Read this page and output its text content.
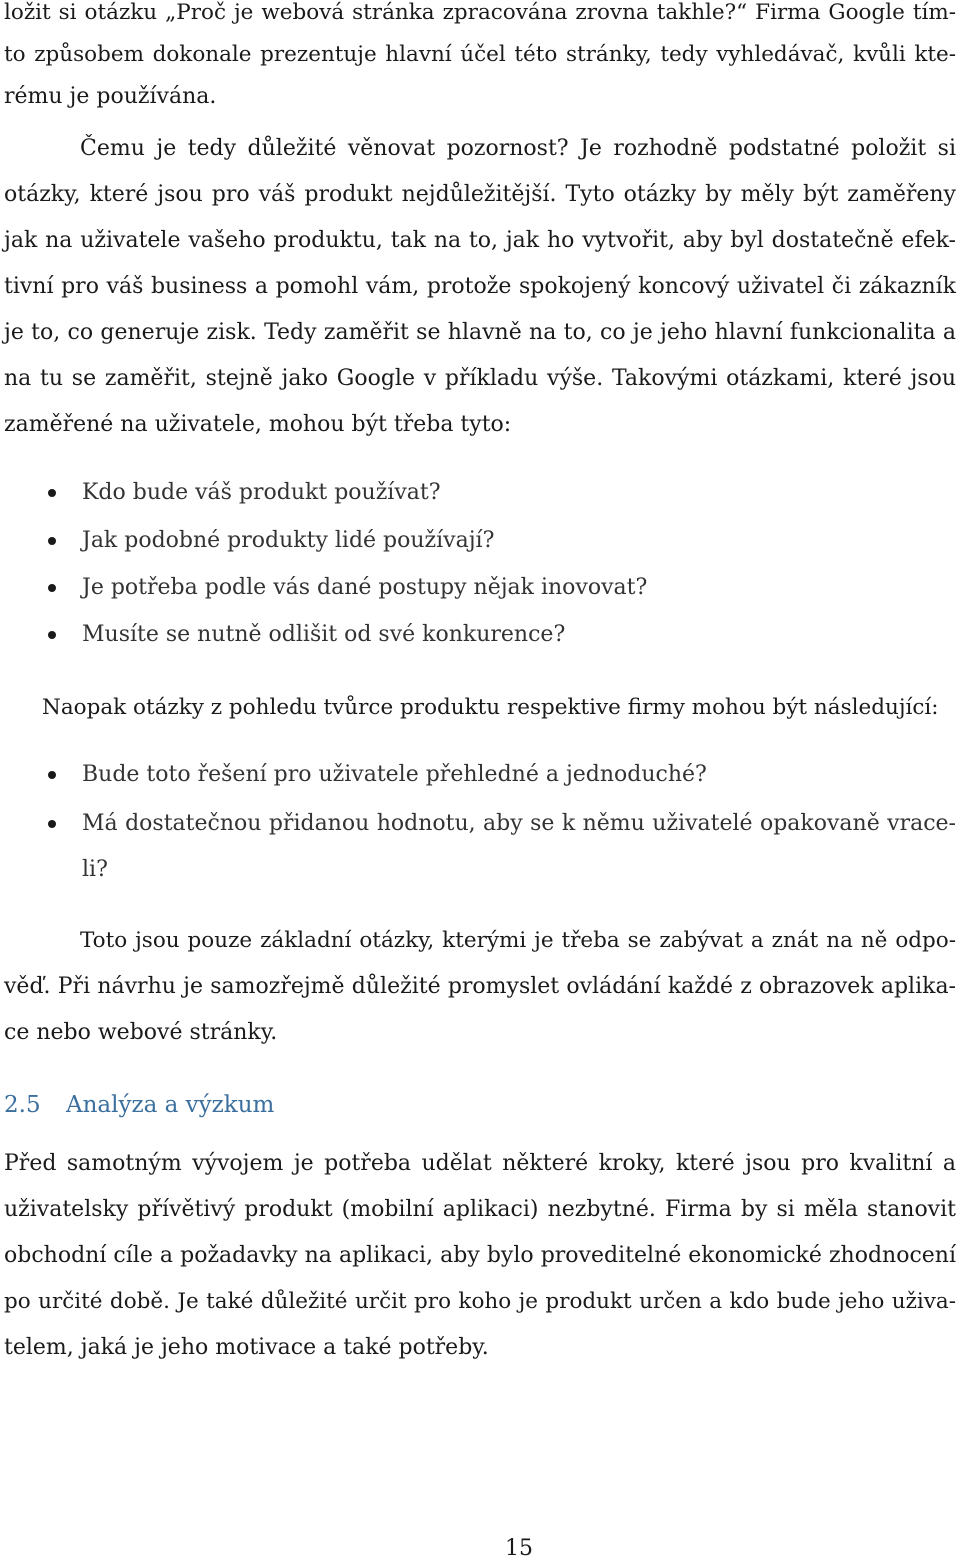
ložit si otázku „Proč je webová stránka zpracována zrovna takhle?“ Firma Google tím-
to způsobem dokonale prezentuje hlavní účel této stránky, tedy vyhledávač, kvůli kte-
rému je používána.
Čemu je tedy důležité věnovat pozornost? Je rozhodně podstatné položit si
otázky, které jsou pro váš produkt nejdůležitější. Tyto otázky by měly být zaměřeny
jak na uživatele vašeho produktu, tak na to, jak ho vytvořit, aby byl dostatečně efek-
tivní pro váš business a pomohl vám, protože spokojený koncový uživatel či zákazník
je to, co generuje zisk. Tedy zaměřit se hlavně na to, co je jeho hlavní funkcionalita a
na tu se zaměřit, stejně jako Google v příkladu výše. Takovými otázkami, které jsou
zaměřené na uživatele, mohou být třeba tyto:
Kdo bude váš produkt používat?
Jak podobné produkty lidé používají?
Je potřeba podle vás dané postupy nějak inovovat?
Musíte se nutně odlišit od své konkurence?
Naopak otázky z pohledu tvůrce produktu respektive firmy mohou být následující:
Bude toto řešení pro uživatele přehledné a jednoduché?
Má dostatečnou přidanou hodnotu, aby se k němu uživatelé opakovaně vrace-
li?
Toto jsou pouze základní otázky, kterými je třeba se zabývat a znát na ně odpo-
věď. Při návrhu je samozřejmě důležité promyslet ovládání každé z obrazovek aplika-
ce nebo webové stránky.
2.5 Analýza a výzkum
Před samotným vývojem je potřeba udělat některé kroky, které jsou pro kvalitní a
uživatelsky přívětivý produkt (mobilní aplikaci) nezbytné. Firma by si měla stanovit
obchodní cíle a požadavky na aplikaci, aby bylo proveditelné ekonomické zhodnocení
po určité době. Je také důležité určit pro koho je produkt určen a kdo bude jeho uživa-
telem, jaká je jeho motivace a také potřeby.
15
